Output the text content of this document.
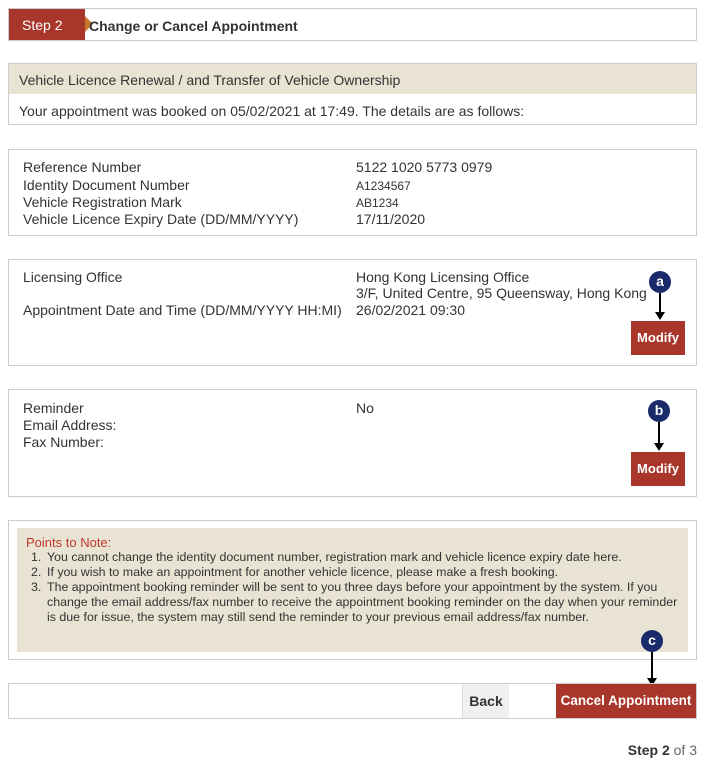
Step 2 Change or Cancel Appointment
Vehicle Licence Renewal / and Transfer of Vehicle Ownership
Your appointment was booked on 05/02/2021 at 17:49. The details are as follows:
Reference Number	5122 1020 5773 0979
Identity Document Number	A1234567
Vehicle Registration Mark	AB1234
Vehicle Licence Expiry Date (DD/MM/YYYY)	17/11/2020
Licensing Office	Hong Kong Licensing Office
3/F, United Centre, 95 Queensway, Hong Kong
Appointment Date and Time (DD/MM/YYYY HH:MI) 26/02/2021 09:30
a
Modify
Reminder	No
Email Address:
Fax Number:
b
Modify
Points to Note:
1. You cannot change the identity document number, registration mark and vehicle licence expiry date here.
2. If you wish to make an appointment for another vehicle licence, please make a fresh booking.
3. The appointment booking reminder will be sent to you three days before your appointment by the system. If you change the email address/fax number to receive the appointment booking reminder on the day when your reminder is due for issue, the system may still send the reminder to your previous email address/fax number.
c
Back	Cancel Appointment
Step 2 of 3
